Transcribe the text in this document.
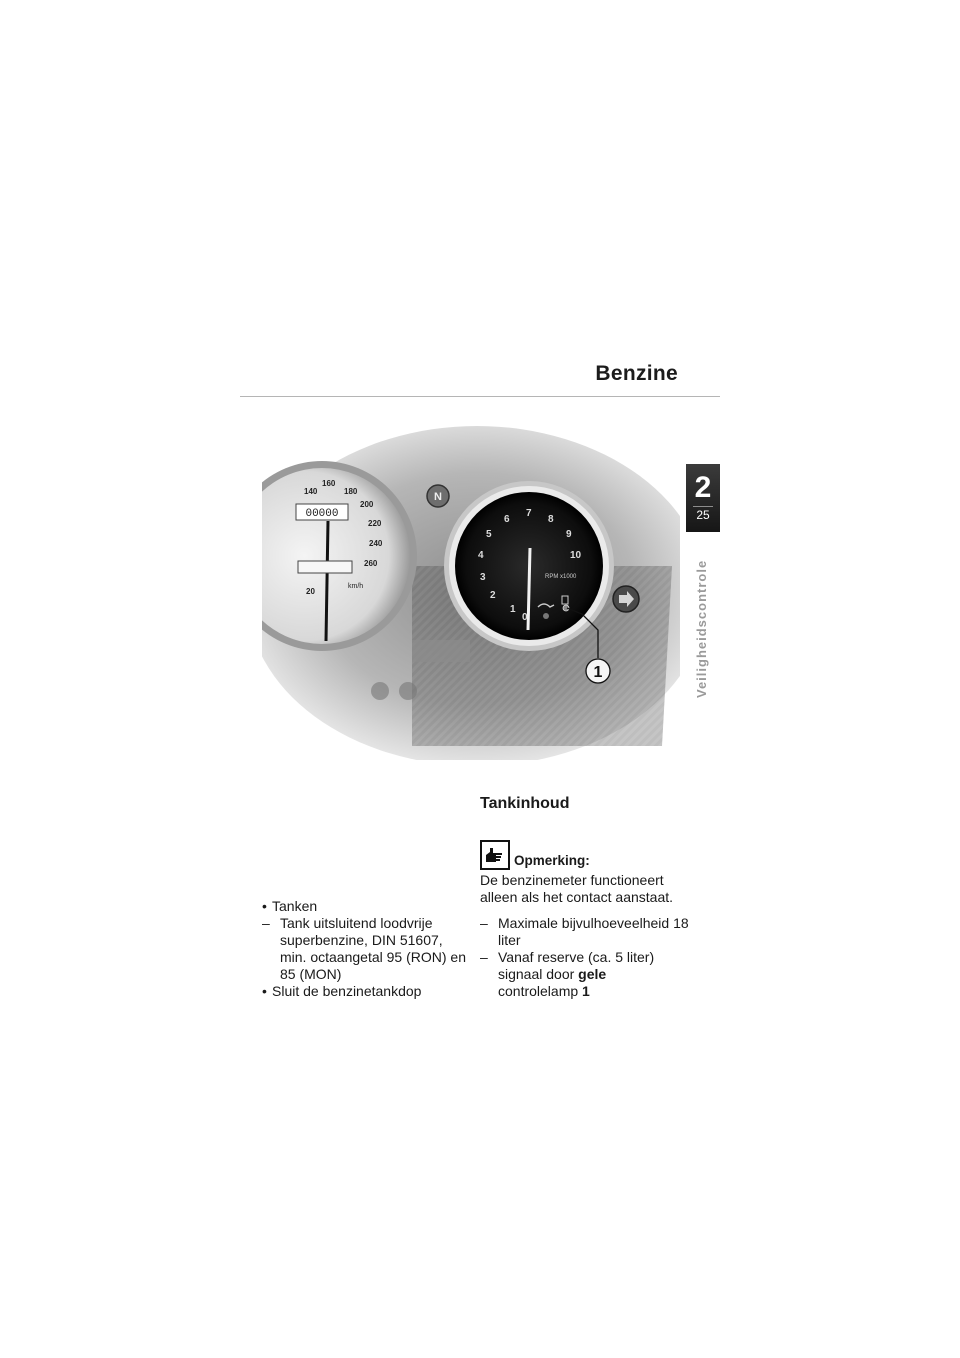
Benzine
2
25
Veiligheidscontrole
00000
140
160
180
200
220
240
260
20
km/h
N
0
1
2
3
4
5
6
7
8
9
10
RPM x1000
1
• Tanken
– Tank uitsluitend loodvrije superbenzine, DIN 51607, min. octaangetal 95 (RON) en 85 (MON)
• Sluit de benzinetankdop
Tankinhoud
Opmerking:
De benzinemeter functioneert alleen als het contact aanstaat.
– Maximale bijvulhoeveelheid 18 liter
– Vanaf reserve (ca. 5 liter) signaal door gele controlelamp 1
